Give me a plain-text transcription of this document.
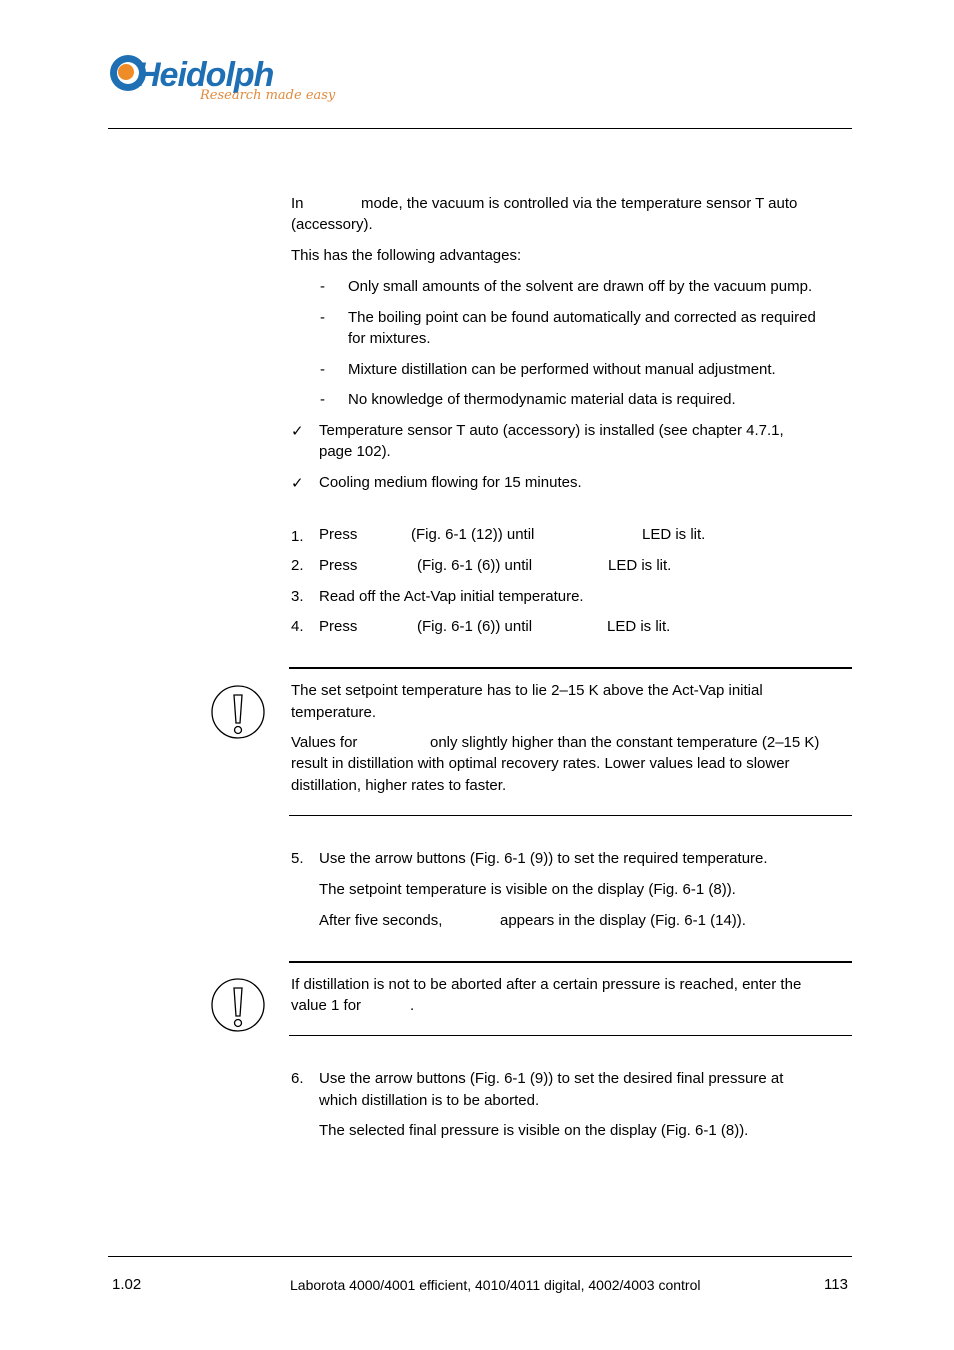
Heidolph
Research made easy
In	mode, the vacuum is controlled via the temperature sensor T auto
(accessory).
This has the following advantages:
- Only small amounts of the solvent are drawn off by the vacuum pump.
- The boiling point can be found automatically and corrected as required
for mixtures.
- Mixture distillation can be performed without manual adjustment.
- No knowledge of thermodynamic material data is required.
✓ Temperature sensor T auto (accessory) is installed (see chapter 4.7.1,
page 102).
✓ Cooling medium flowing for 15 minutes.
1. Press	(Fig. 6-1 (12)) until	LED is lit.
2. Press	(Fig. 6-1 (6)) until	LED is lit.
3. Read off the Act-Vap initial temperature.
4. Press	(Fig. 6-1 (6)) until	LED is lit.
The set setpoint temperature has to lie 2–15 K above the Act-Vap initial
temperature.
Values for	only slightly higher than the constant temperature (2–15 K)
result in distillation with optimal recovery rates. Lower values lead to slower
distillation, higher rates to faster.
5. Use the arrow buttons (Fig. 6-1 (9)) to set the required temperature.
The setpoint temperature is visible on the display (Fig. 6-1 (8)).
After five seconds,	appears in the display (Fig. 6-1 (14)).
If distillation is not to be aborted after a certain pressure is reached, enter the
value 1 for	.
6. Use the arrow buttons (Fig. 6-1 (9)) to set the desired final pressure at
which distillation is to be aborted.
The selected final pressure is visible on the display (Fig. 6-1 (8)).
1.02	Laborota 4000/4001 efficient, 4010/4011 digital, 4002/4003 control	113
